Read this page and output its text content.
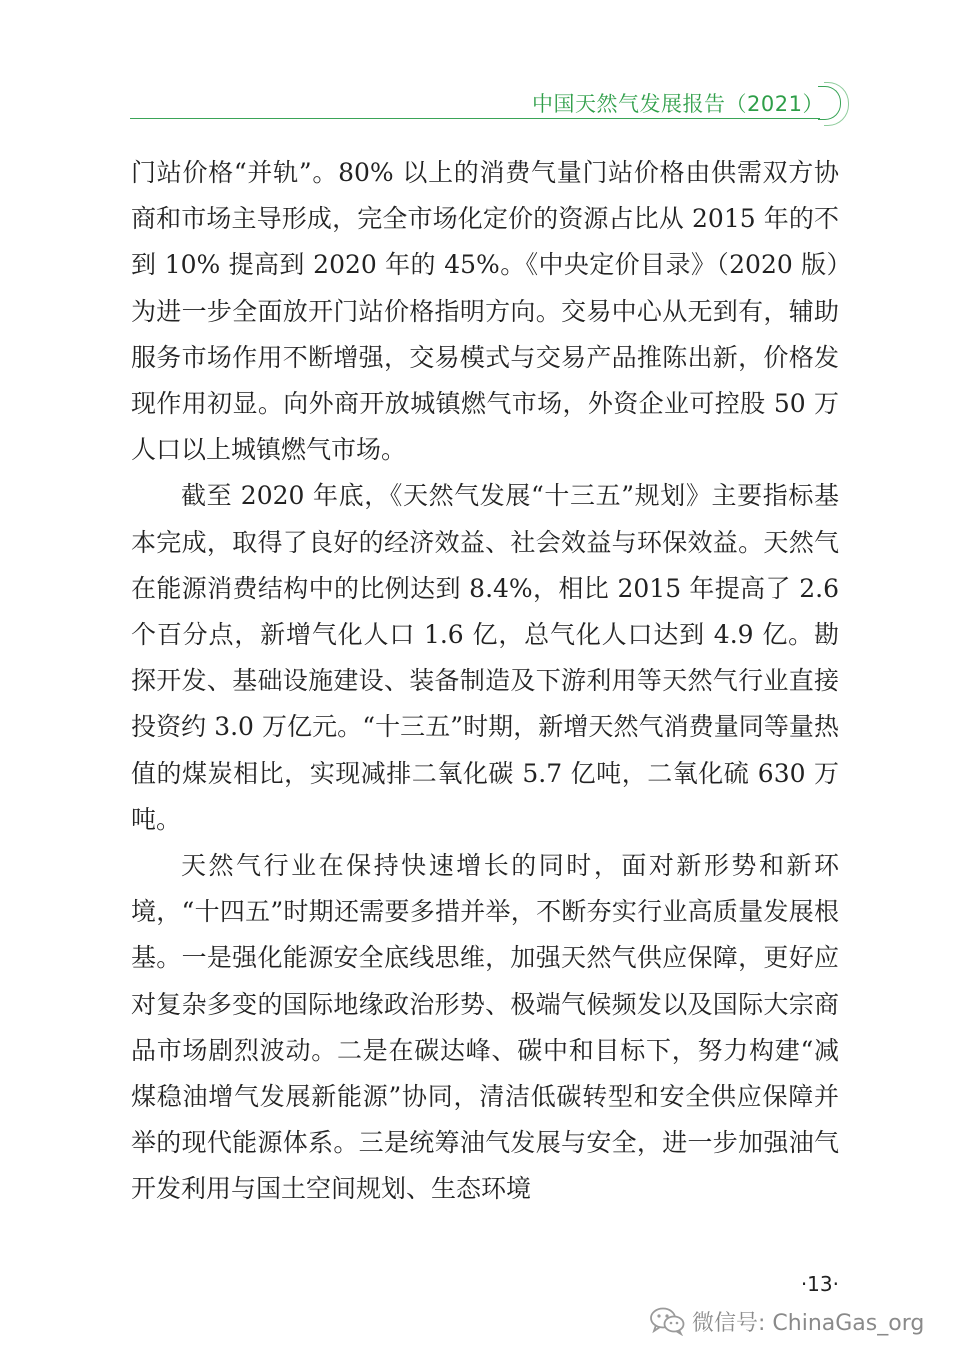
中国天然气发展报告（2021）

门站价格“并轨”。80% 以上的消费气量门站价格由供需双方协商和市场主导形成，完全市场化定价的资源占比从 2015 年的不到 10% 提高到 2020 年的 45%。《中央定价目录》（2020 版）为进一步全面放开门站价格指明方向。交易中心从无到有，辅助服务市场作用不断增强，交易模式与交易产品推陈出新，价格发现作用初显。向外商开放城镇燃气市场，外资企业可控股 50 万人口以上城镇燃气市场。

截至 2020 年底，《天然气发展“十三五”规划》主要指标基本完成，取得了良好的经济效益、社会效益与环保效益。天然气在能源消费结构中的比例达到 8.4%，相比 2015 年提高了 2.6 个百分点，新增气化人口 1.6 亿，总气化人口达到 4.9 亿。勘探开发、基础设施建设、装备制造及下游利用等天然气行业直接投资约 3.0 万亿元。“十三五”时期，新增天然气消费量同等量热值的煤炭相比，实现减排二氧化碳 5.7 亿吨，二氧化硫 630 万吨。

天然气行业在保持快速增长的同时，面对新形势和新环境，“十四五”时期还需要多措并举，不断夯实行业高质量发展根基。一是强化能源安全底线思维，加强天然气供应保障，更好应对复杂多变的国际地缘政治形势、极端气候频发以及国际大宗商品市场剧烈波动。二是在碳达峰、碳中和目标下，努力构建“减煤稳油增气发展新能源”协同，清洁低碳转型和安全供应保障并举的现代能源体系。三是统筹油气发展与安全，进一步加强油气开发利用与国土空间规划、生态环境

·13·
微信号: ChinaGas_org
